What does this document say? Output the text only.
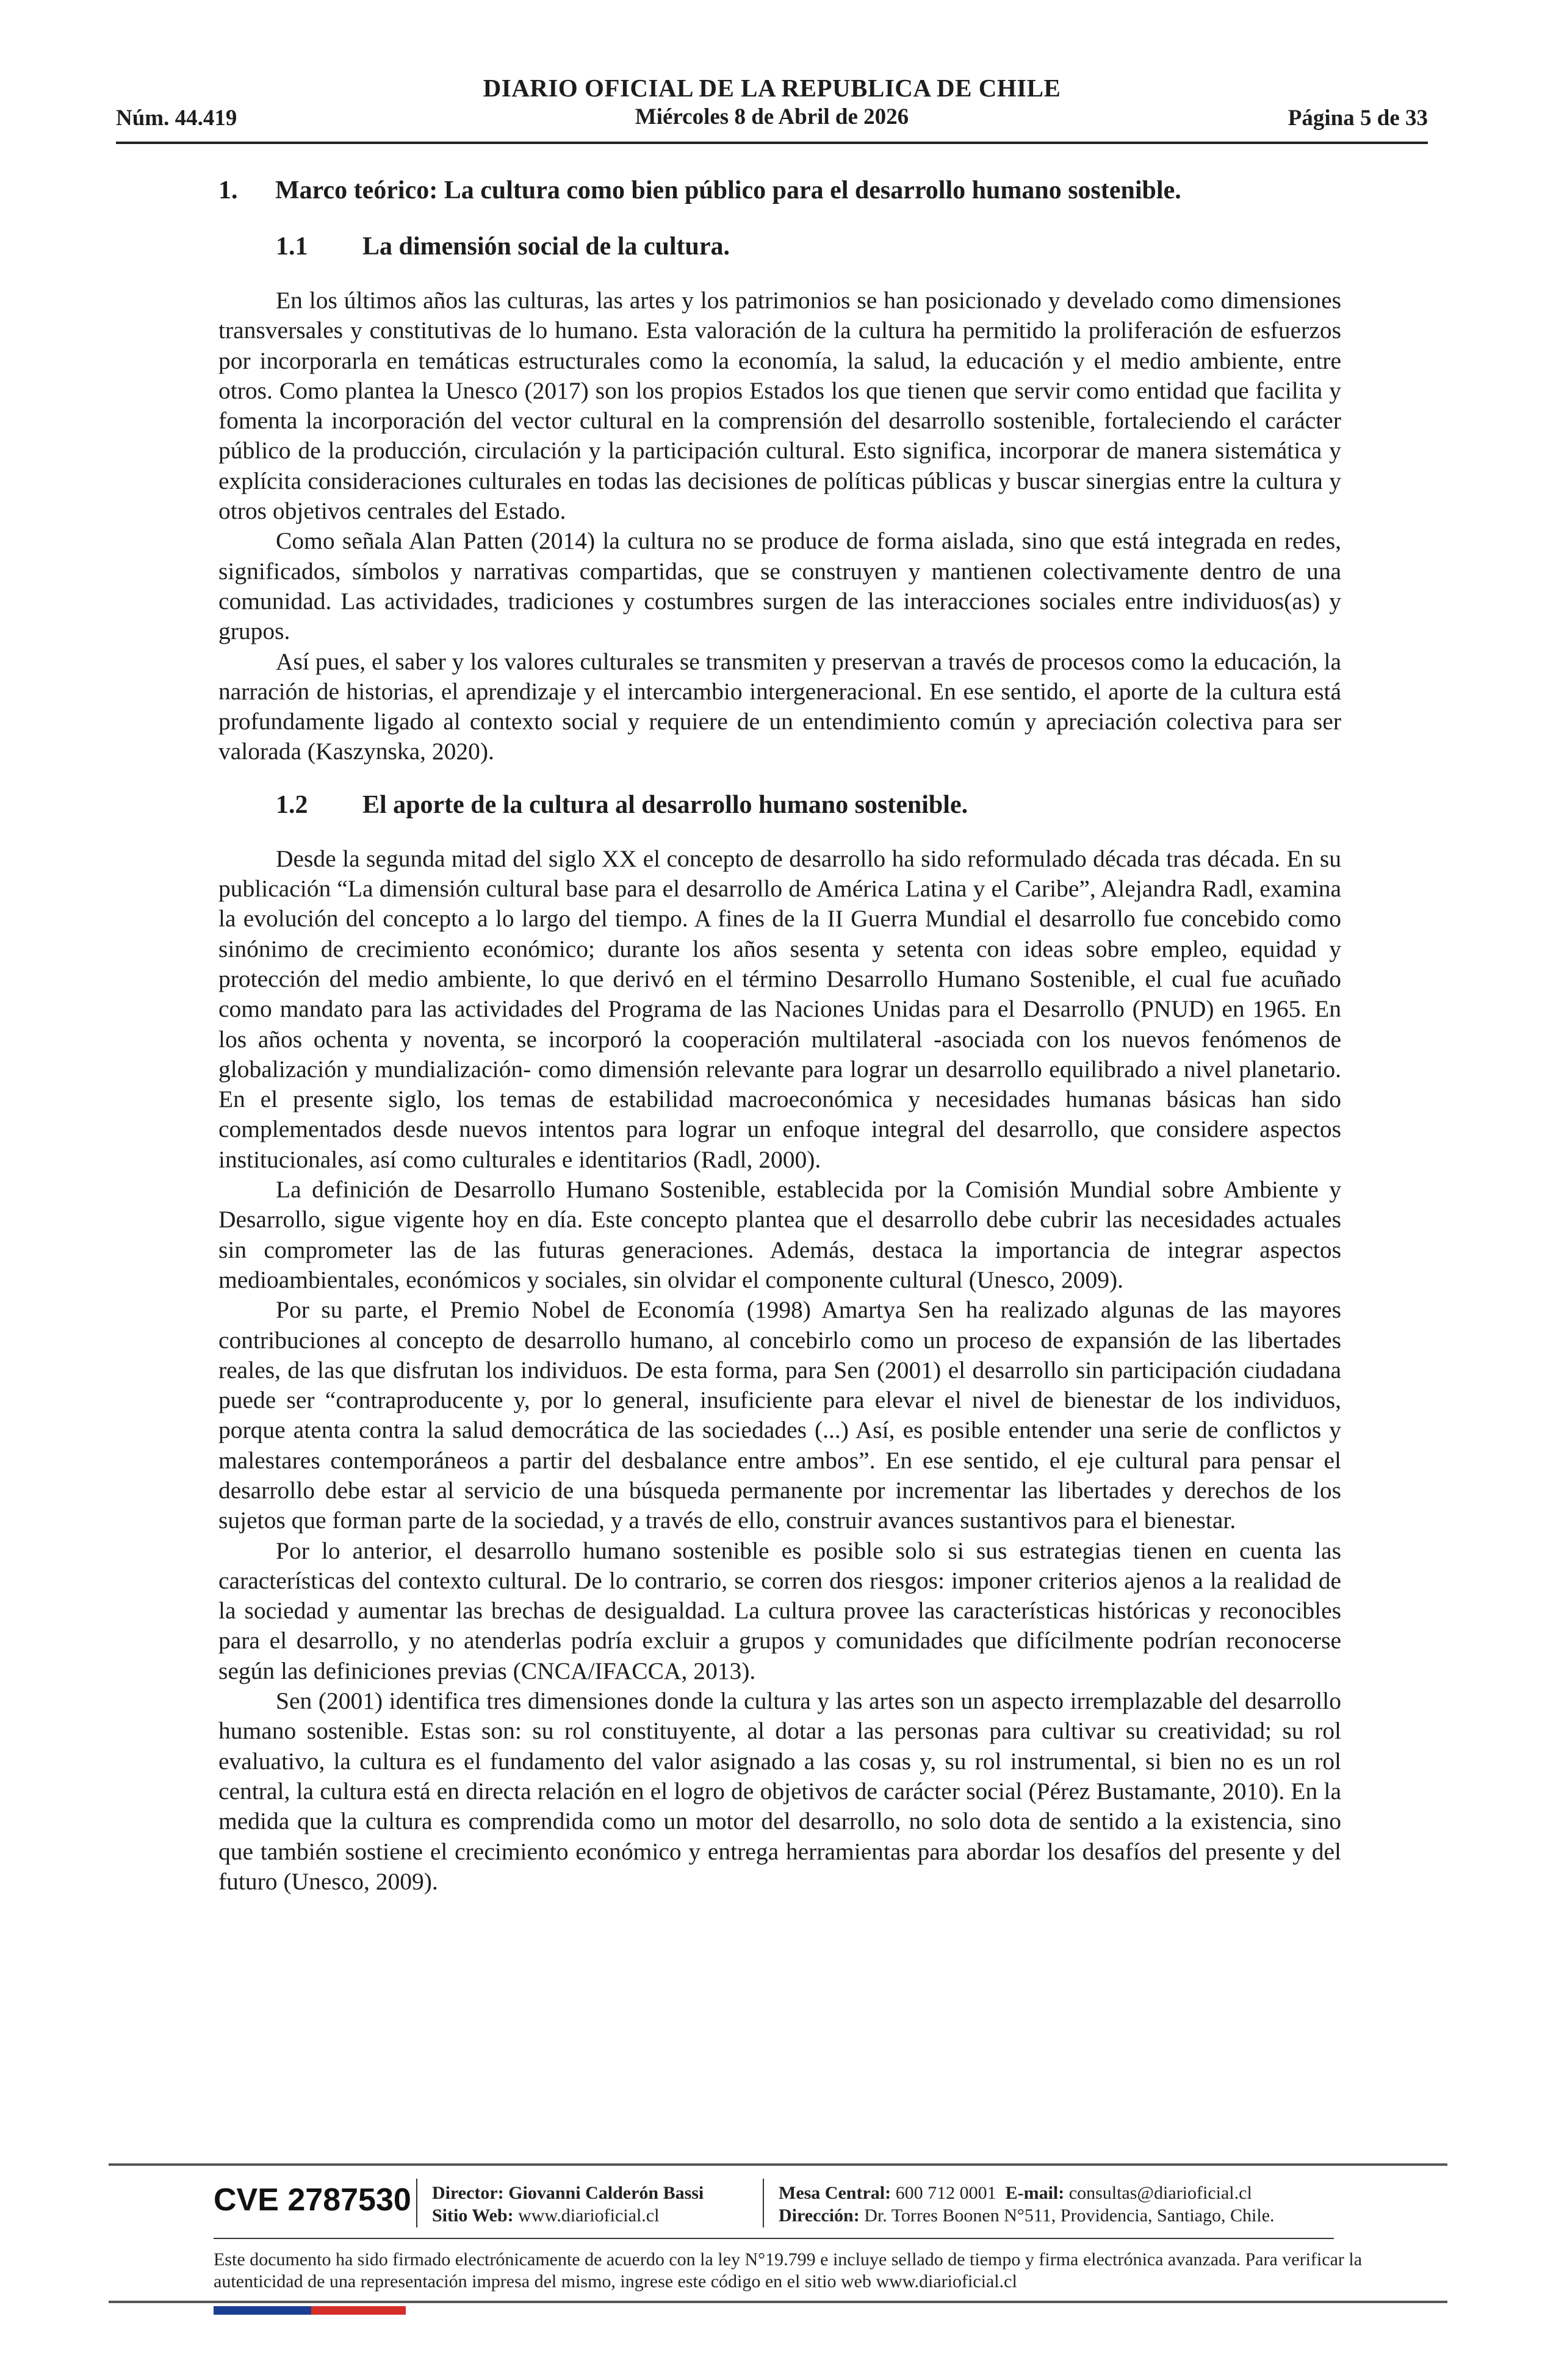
Núm. 44.419
DIARIO OFICIAL DE LA REPUBLICA DE CHILE
Miércoles 8 de Abril de 2026	Página 5 de 33
1.	Marco teórico: La cultura como bien público para el desarrollo humano sostenible.
1.1	La dimensión social de la cultura.

En los últimos años las culturas, las artes y los patrimonios se han posicionado y develado como dimensiones transversales y constitutivas de lo humano. Esta valoración de la cultura ha permitido la proliferación de esfuerzos por incorporarla en temáticas estructurales como la economía, la salud, la educación y el medio ambiente, entre otros. Como plantea la Unesco (2017) son los propios Estados los que tienen que servir como entidad que facilita y fomenta la incorporación del vector cultural en la comprensión del desarrollo sostenible, fortaleciendo el carácter público de la producción, circulación y la participación cultural. Esto significa, incorporar de manera sistemática y explícita consideraciones culturales en todas las decisiones de políticas públicas y buscar sinergias entre la cultura y otros objetivos centrales del Estado.

Como señala Alan Patten (2014) la cultura no se produce de forma aislada, sino que está integrada en redes, significados, símbolos y narrativas compartidas, que se construyen y mantienen colectivamente dentro de una comunidad. Las actividades, tradiciones y costumbres surgen de las interacciones sociales entre individuos(as) y grupos.

Así pues, el saber y los valores culturales se transmiten y preservan a través de procesos como la educación, la narración de historias, el aprendizaje y el intercambio intergeneracional. En ese sentido, el aporte de la cultura está profundamente ligado al contexto social y requiere de un entendimiento común y apreciación colectiva para ser valorada (Kaszynska, 2020).

1.2	El aporte de la cultura al desarrollo humano sostenible.

Desde la segunda mitad del siglo XX el concepto de desarrollo ha sido reformulado década tras década. En su publicación “La dimensión cultural base para el desarrollo de América Latina y el Caribe”, Alejandra Radl, examina la evolución del concepto a lo largo del tiempo. A fines de la II Guerra Mundial el desarrollo fue concebido como sinónimo de crecimiento económico; durante los años sesenta y setenta con ideas sobre empleo, equidad y protección del medio ambiente, lo que derivó en el término Desarrollo Humano Sostenible, el cual fue acuñado como mandato para las actividades del Programa de las Naciones Unidas para el Desarrollo (PNUD) en 1965. En los años ochenta y noventa, se incorporó la cooperación multilateral -asociada con los nuevos fenómenos de globalización y mundialización- como dimensión relevante para lograr un desarrollo equilibrado a nivel planetario. En el presente siglo, los temas de estabilidad macroeconómica y necesidades humanas básicas han sido complementados desde nuevos intentos para lograr un enfoque integral del desarrollo, que considere aspectos institucionales, así como culturales e identitarios (Radl, 2000).

La definición de Desarrollo Humano Sostenible, establecida por la Comisión Mundial sobre Ambiente y Desarrollo, sigue vigente hoy en día. Este concepto plantea que el desarrollo debe cubrir las necesidades actuales sin comprometer las de las futuras generaciones. Además, destaca la importancia de integrar aspectos medioambientales, económicos y sociales, sin olvidar el componente cultural (Unesco, 2009).

Por su parte, el Premio Nobel de Economía (1998) Amartya Sen ha realizado algunas de las mayores contribuciones al concepto de desarrollo humano, al concebirlo como un proceso de expansión de las libertades reales, de las que disfrutan los individuos. De esta forma, para Sen (2001) el desarrollo sin participación ciudadana puede ser “contraproducente y, por lo general, insuficiente para elevar el nivel de bienestar de los individuos, porque atenta contra la salud democrática de las sociedades (...) Así, es posible entender una serie de conflictos y malestares contemporáneos a partir del desbalance entre ambos”. En ese sentido, el eje cultural para pensar el desarrollo debe estar al servicio de una búsqueda permanente por incrementar las libertades y derechos de los sujetos que forman parte de la sociedad, y a través de ello, construir avances sustantivos para el bienestar.

Por lo anterior, el desarrollo humano sostenible es posible solo si sus estrategias tienen en cuenta las características del contexto cultural. De lo contrario, se corren dos riesgos: imponer criterios ajenos a la realidad de la sociedad y aumentar las brechas de desigualdad. La cultura provee las características históricas y reconocibles para el desarrollo, y no atenderlas podría excluir a grupos y comunidades que difícilmente podrían reconocerse según las definiciones previas (CNCA/IFACCA, 2013).

Sen (2001) identifica tres dimensiones donde la cultura y las artes son un aspecto irremplazable del desarrollo humano sostenible. Estas son: su rol constituyente, al dotar a las personas para cultivar su creatividad; su rol evaluativo, la cultura es el fundamento del valor asignado a las cosas y, su rol instrumental, si bien no es un rol central, la cultura está en directa relación en el logro de objetivos de carácter social (Pérez Bustamante, 2010). En la medida que la cultura es comprendida como un motor del desarrollo, no solo dota de sentido a la existencia, sino que también sostiene el crecimiento económico y entrega herramientas para abordar los desafíos del presente y del futuro (Unesco, 2009).

CVE 2787530 Director: Giovanni Calderón Bassi
Sitio Web: www.diarioficial.cl
Mesa Central: 600 712 0001 E-mail: consultas@diarioficial.cl
Dirección: Dr. Torres Boonen N°511, Providencia, Santiago, Chile.
Este documento ha sido firmado electrónicamente de acuerdo con la ley N°19.799 e incluye sellado de tiempo y firma electrónica avanzada. Para verificar la autenticidad de una representación impresa del mismo, ingrese este código en el sitio web www.diarioficial.cl
